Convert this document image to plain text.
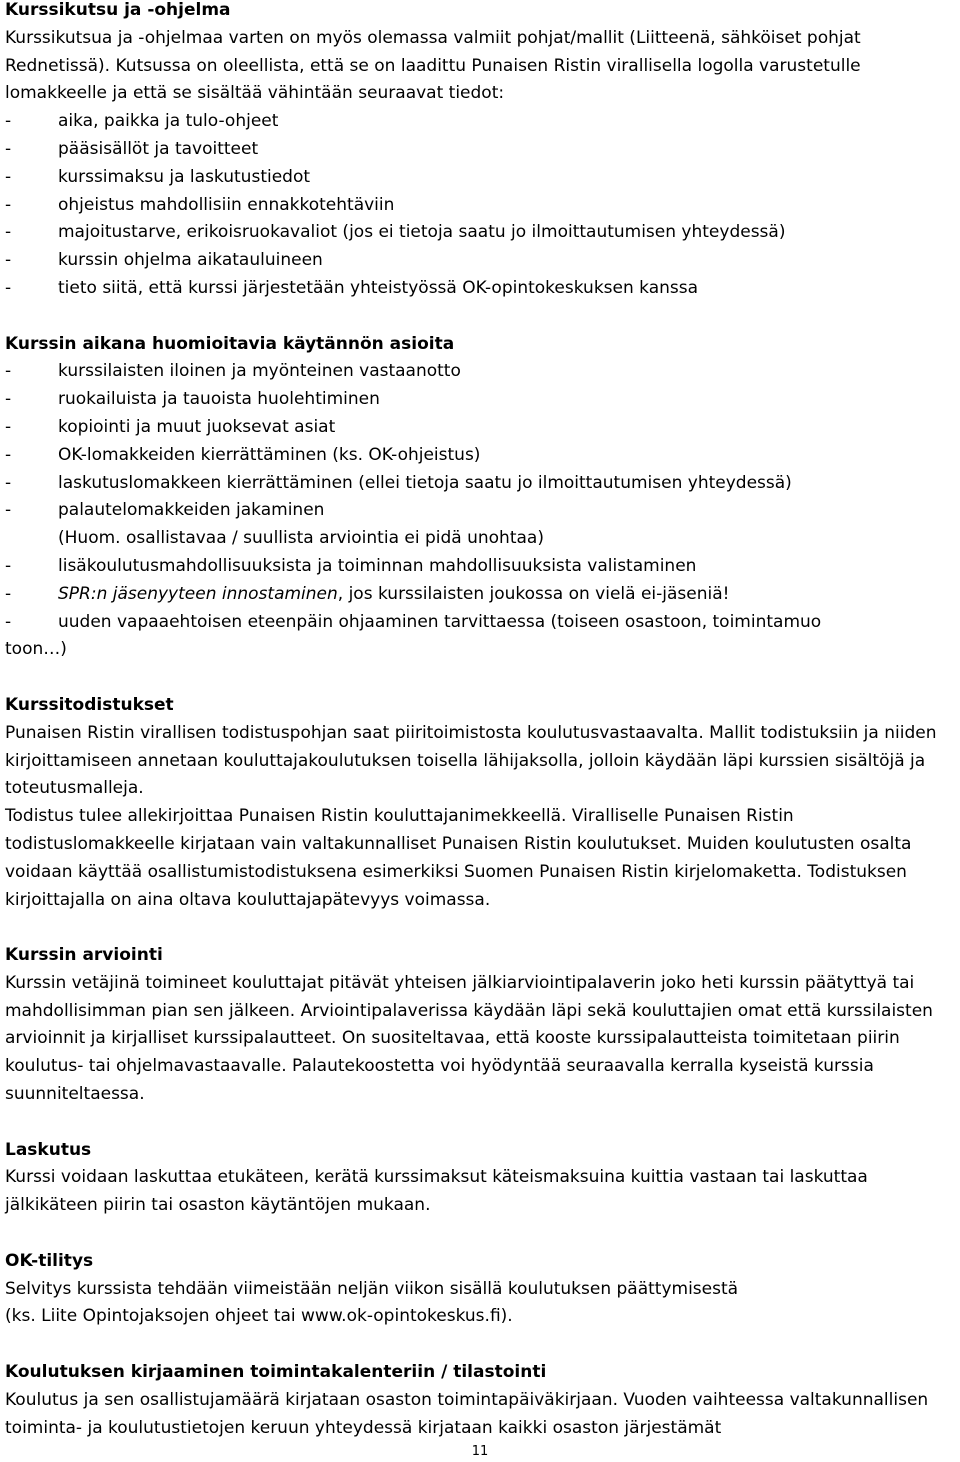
Kurssikutsu ja -ohjelma

Kurssikutsua ja -ohjelmaa varten on myös olemassa valmiit pohjat/mallit (Liitteenä, sähköiset pohjat Rednetissä). Kutsussa on oleellista, että se on laadittu Punaisen Ristin virallisella logolla varustetulle lomakkeelle ja että se sisältää vähintään seuraavat tiedot:

-	aika, paikka ja tulo-ohjeet
-	pääsisällöt ja tavoitteet
-	kurssimaksu ja laskutustiedot
-	ohjeistus mahdollisiin ennakkotehtäviin
-	majoitustarve, erikoisruokavaliot (jos ei tietoja saatu jo ilmoittautumisen yhteydessä)
-	kurssin ohjelma aikatauluineen
-	tieto siitä, että kurssi järjestetään yhteistyössä OK-opintokeskuksen kanssa
Kurssin aikana huomioitavia käytännön asioita
-	kurssilaisten iloinen ja myönteinen vastaanotto
-	ruokailuista ja tauoista huolehtiminen
-	kopiointi ja muut juoksevat asiat
-	OK-lomakkeiden kierrättäminen (ks. OK-ohjeistus)
-	laskutuslomakkeen kierrättäminen (ellei tietoja saatu jo ilmoittautumisen yhteydessä)
-	palautelomakkeiden jakaminen
(Huom. osallistavaa / suullista arviointia ei pidä unohtaa)
-	lisäkoulutusmahdollisuuksista ja toiminnan mahdollisuuksista valistaminen
-	SPR:n jäsenyyteen innostaminen, jos kurssilaisten joukossa on vielä ei-jäseniä!
-	uuden vapaaehtoisen eteenpäin ohjaaminen tarvittaessa (toiseen osastoon, toimintamuo
toon…)
Kurssitodistukset

Punaisen Ristin virallisen todistuspohjan saat piiritoimistosta koulutusvastaavalta. Mallit todistuksiin ja niiden kirjoittamiseen annetaan kouluttajakoulutuksen toisella lähijaksolla, jolloin käydään läpi kurssien sisältöjä ja toteutusmalleja.

Todistus tulee allekirjoittaa Punaisen Ristin kouluttajanimekkeellä. Viralliselle Punaisen Ristin todistuslomakkeelle kirjataan vain valtakunnalliset Punaisen Ristin koulutukset. Muiden koulutusten osalta voidaan käyttää osallistumistodistuksena esimerkiksi Suomen Punaisen Ristin kirjelomaketta. Todistuksen kirjoittajalla on aina oltava kouluttajapätevyys voimassa.

Kurssin arviointi

Kurssin vetäjinä toimineet kouluttajat pitävät yhteisen jälkiarviointipalaverin joko heti kurssin päätyttyä tai mahdollisimman pian sen jälkeen. Arviointipalaverissa käydään läpi sekä kouluttajien omat että kurssilaisten arvioinnit ja kirjalliset kurssipalautteet. On suositeltavaa, että kooste kurssipalautteista toimitetaan piirin koulutus- tai ohjelmavastaavalle. Palautekoostetta voi hyödyntää seuraavalla kerralla kyseistä kurssia suunniteltaessa.

Laskutus

Kurssi voidaan laskuttaa etukäteen, kerätä kurssimaksut käteismaksuina kuittia vastaan tai laskuttaa jälkikäteen piirin tai osaston käytäntöjen mukaan.

OK-tilitys

Selvitys kurssista tehdään viimeistään neljän viikon sisällä koulutuksen päättymisestä

(ks. Liite Opintojaksojen ohjeet tai www.ok-opintokeskus.fi).

Koulutuksen kirjaaminen toimintakalenteriin / tilastointi

Koulutus ja sen osallistujamäärä kirjataan osaston toimintapäiväkirjaan. Vuoden vaihteessa valtakunnallisen toiminta- ja koulutustietojen keruun yhteydessä kirjataan kaikki osaston järjestämät

11
